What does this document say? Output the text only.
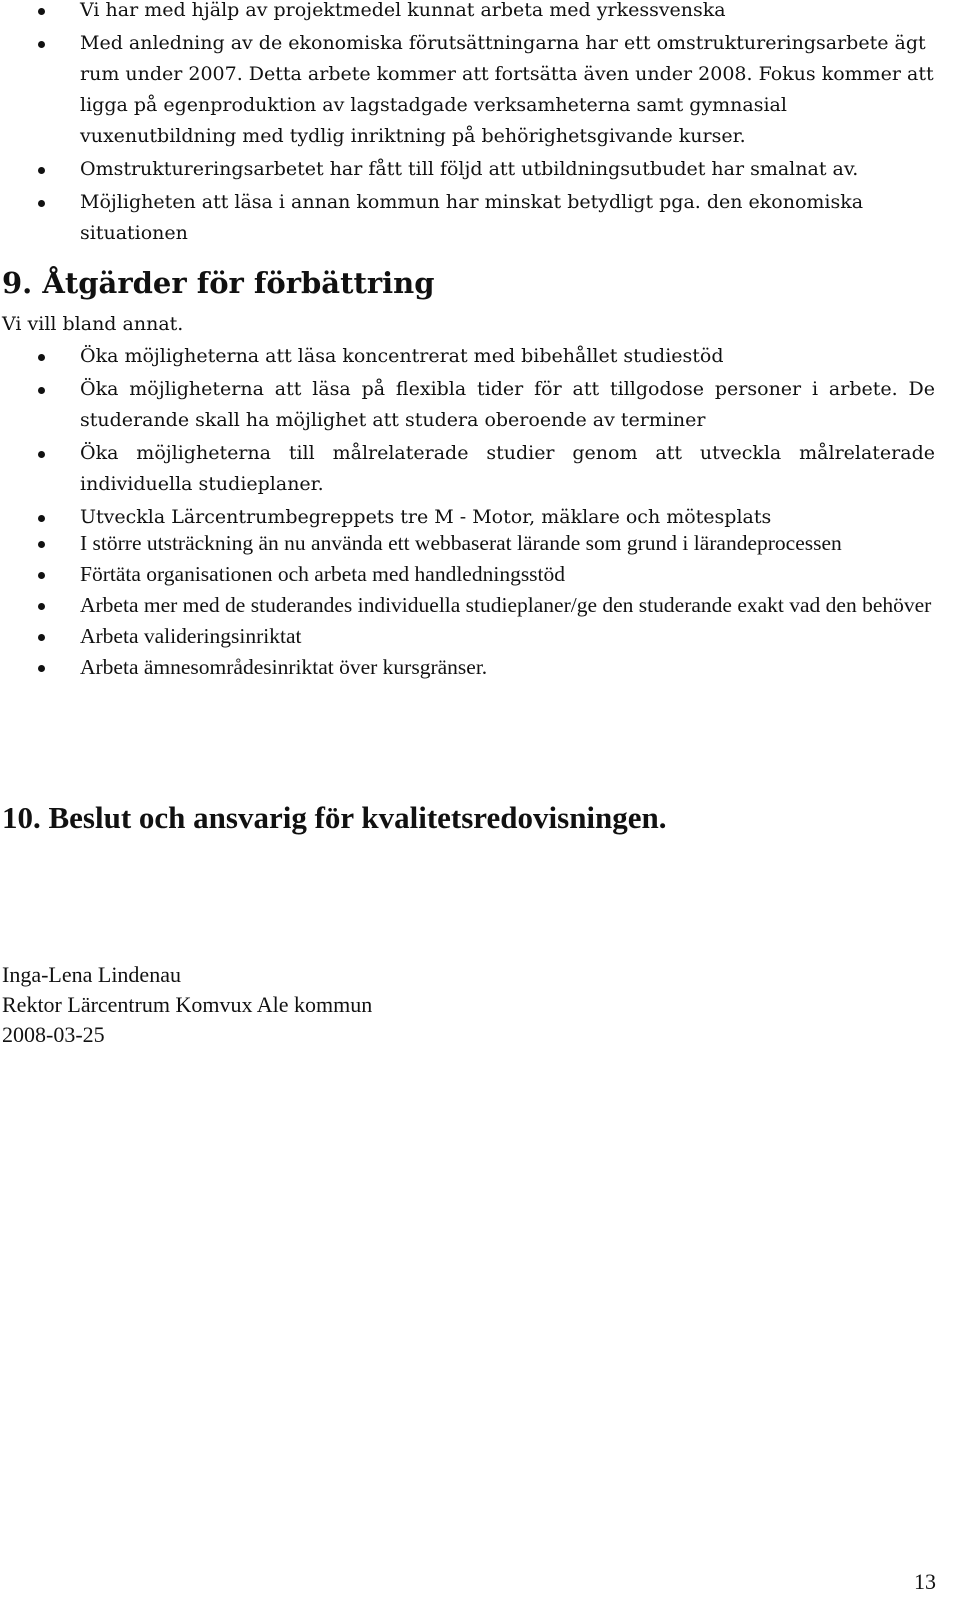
Vi har med hjälp av projektmedel kunnat arbeta med yrkessvenska
Med anledning av de ekonomiska förutsättningarna har ett omstruktureringsarbete ägt rum under 2007. Detta arbete kommer att fortsätta även under 2008. Fokus kommer att ligga på egenproduktion av lagstadgade verksamheterna samt gymnasial vuxenutbildning med tydlig inriktning på behörighetsgivande kurser.
Omstruktureringsarbetet har fått till följd att utbildningsutbudet har smalnat av.
Möjligheten att läsa i annan kommun har minskat betydligt pga. den ekonomiska situationen
9. Åtgärder för förbättring
Vi vill bland annat.
Öka möjligheterna att läsa koncentrerat med bibehållet studiestöd
Öka möjligheterna att läsa på flexibla tider för att tillgodose personer i arbete. De studerande skall ha möjlighet att studera oberoende av terminer
Öka möjligheterna till målrelaterade studier genom att utveckla målrelaterade individuella studieplaner.
Utveckla Lärcentrumbegreppets tre M - Motor, mäklare och mötesplats
I större utsträckning än nu använda ett webbaserat lärande som grund i lärandeprocessen
Förtäta organisationen och arbeta med handledningsstöd
Arbeta mer med de studerandes individuella studieplaner/ge den studerande exakt vad den behöver
Arbeta valideringsinriktat
Arbeta ämnesområdesinriktat över kursgränser.
10. Beslut och ansvarig för kvalitetsredovisningen.
Inga-Lena Lindenau
Rektor Lärcentrum Komvux Ale kommun
2008-03-25
13
